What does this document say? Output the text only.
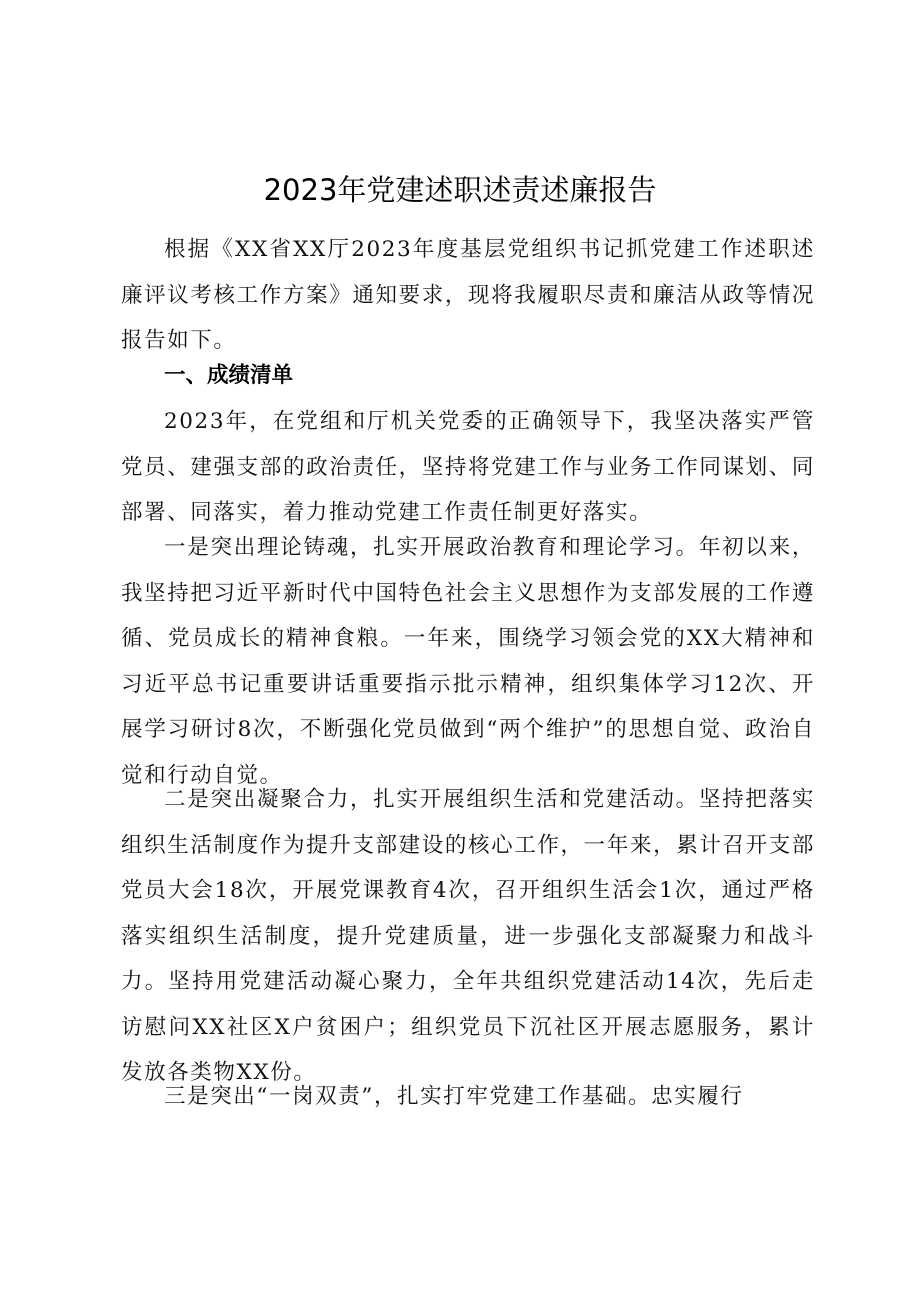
2023年党建述职述责述廉报告
根据《XX省XX厅2023年度基层党组织书记抓党建工作述职述廉评议考核工作方案》通知要求，现将我履职尽责和廉洁从政等情况报告如下。
一、成绩清单
2023年，在党组和厅机关党委的正确领导下，我坚决落实严管党员、建强支部的政治责任，坚持将党建工作与业务工作同谋划、同部署、同落实，着力推动党建工作责任制更好落实。
一是突出理论铸魂，扎实开展政治教育和理论学习。年初以来，我坚持把习近平新时代中国特色社会主义思想作为支部发展的工作遵循、党员成长的精神食粮。一年来，围绕学习领会党的XX大精神和习近平总书记重要讲话重要指示批示精神，组织集体学习12次、开展学习研讨8次，不断强化党员做到“两个维护”的思想自觉、政治自觉和行动自觉。
二是突出凝聚合力，扎实开展组织生活和党建活动。坚持把落实组织生活制度作为提升支部建设的核心工作，一年来，累计召开支部党员大会18次，开展党课教育4次，召开组织生活会1次，通过严格落实组织生活制度，提升党建质量，进一步强化支部凝聚力和战斗力。坚持用党建活动凝心聚力，全年共组织党建活动14次，先后走访慰问XX社区X户贫困户；组织党员下沉社区开展志愿服务，累计发放各类物XX份。
三是突出“一岗双责”，扎实打牢党建工作基础。忠实履行
